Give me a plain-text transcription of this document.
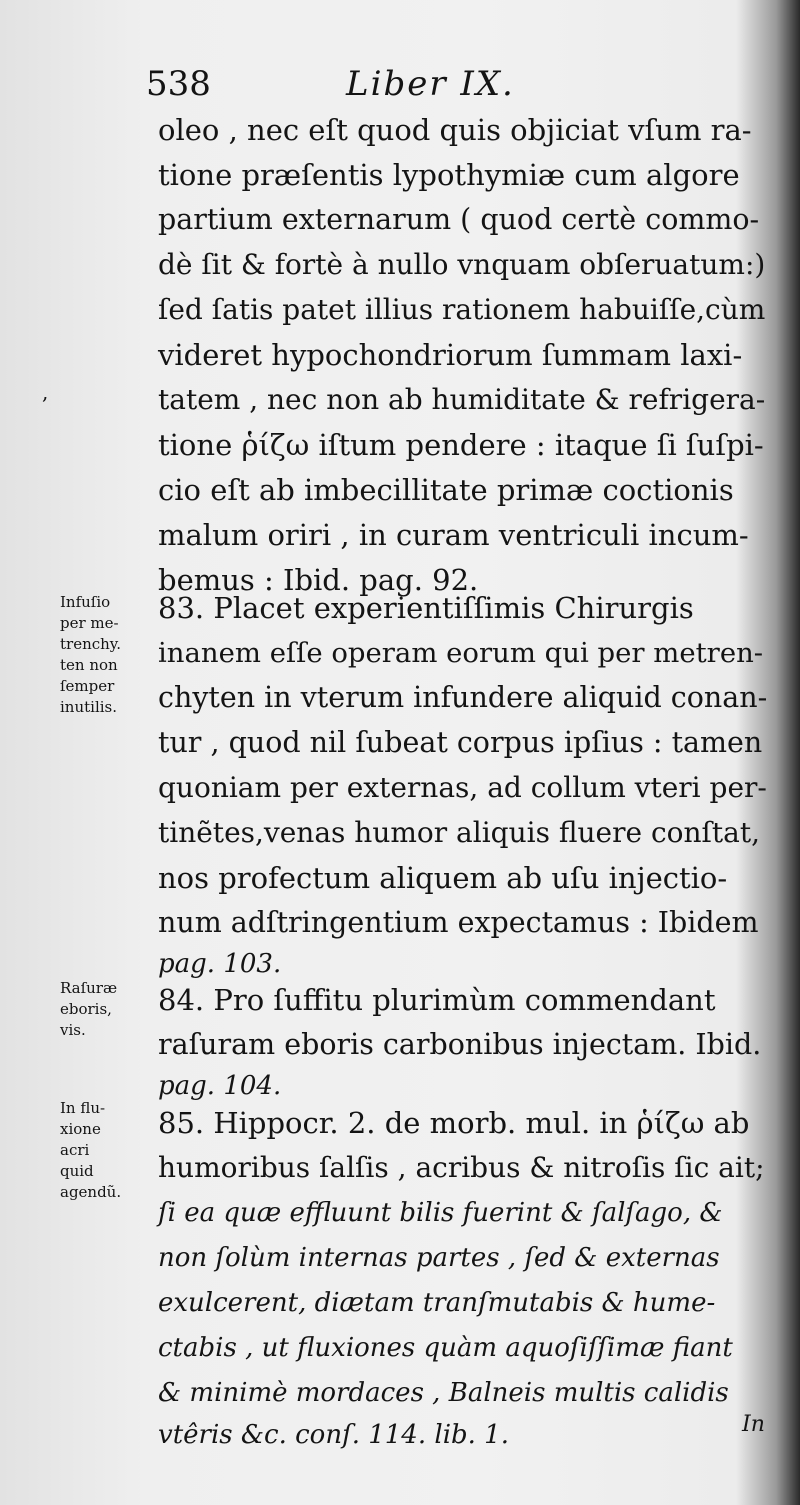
538	Liber IX.
,
oleo , nec eſt quod quis objiciat vſum ra-
tione præſentis lypothymiæ cum algore
partium externarum ( quod certè commo-
dè ſit & fortè à nullo vnquam obſeruatum:)
ſed ſatis patet illius rationem habuiſſe,cùm
videret hypochondriorum ſummam laxi-
tatem , nec non ab humiditate & refrigera-
tione ῥίζω iſtum pendere : itaque ſi ſuſpi-
cio eſt ab imbecillitate primæ coctionis
malum oriri , in curam ventriculi incum-
bemus : Ibid. pag. 92.
83. Placet experientiſſimis Chirurgis
inanem eſſe operam eorum qui per metren-
chyten in vterum infundere aliquid conan-
tur , quod nil ſubeat corpus ipſius : tamen
quoniam per externas, ad collum vteri per-
tinẽtes,venas humor aliquis fluere conſtat,
nos profectum aliquem ab uſu injectio-
num adſtringentium expectamus : Ibidem
pag. 103.
84. Pro ſuffitu plurimùm commendant
raſuram eboris carbonibus injectam. Ibid.
pag. 104.
85. Hippocr. 2. de morb. mul. in ῥίζω ab
humoribus ſalſis , acribus & nitroſis ſic ait;
ſi ea quæ effluunt bilis fuerint & ſalſago, &
non ſolùm internas partes , ſed & externas
exulcerent, diætam tranſmutabis & hume-
ctabis , ut fluxiones quàm aquoſiſſimæ fiant
& minimè mordaces , Balneis multis calidis
vtêris &c. conſ. 114. lib. 1.
Infuſio
per me-
trenchy.
ten non
ſemper
inutilis.
Raſuræ
eboris,
vis.
In flu-
xione
acri
quid
agendũ.
In
